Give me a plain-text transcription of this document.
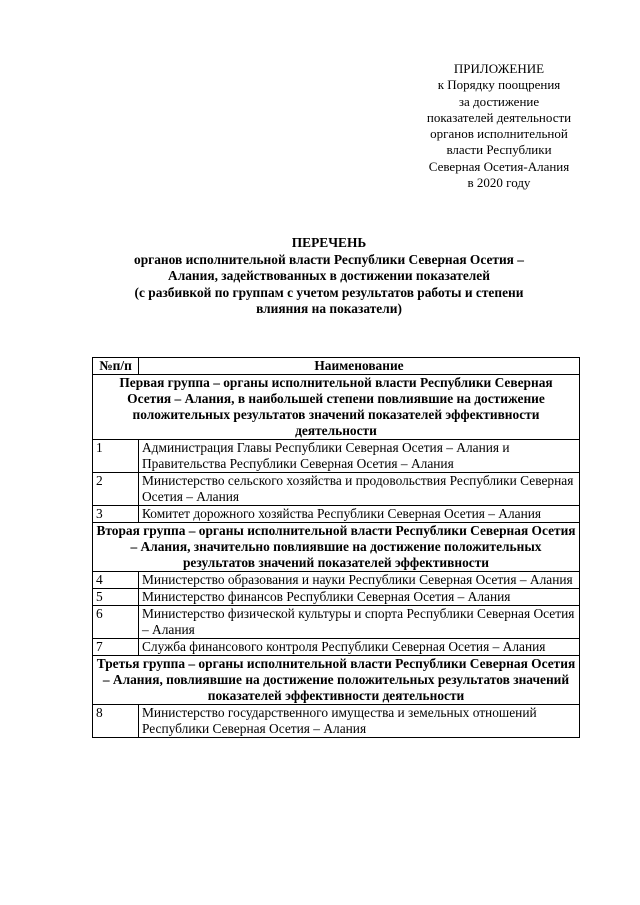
ПРИЛОЖЕНИЕ
к Порядку поощрения
за достижение
показателей деятельности
органов исполнительной
власти Республики
Северная Осетия-Алания
в 2020 году
ПЕРЕЧЕНЬ
органов исполнительной власти Республики Северная Осетия –
Алания, задействованных в достижении показателей
(с разбивкой по группам с учетом результатов работы и степени
влияния на показатели)
№п/п	Наименование
Первая группа – органы исполнительной власти Республики Северная Осетия – Алания, в наибольшей степени повлиявшие на достижение положительных результатов значений показателей эффективности деятельности	
1	Администрация Главы Республики Северная Осетия – Алания и Правительства Республики Северная Осетия – Алания
2	Министерство сельского хозяйства и продовольствия Республики Северная Осетия – Алания
3	Комитет дорожного хозяйства Республики Северная Осетия – Алания
Вторая группа – органы исполнительной власти Республики Северная Осетия – Алания, значительно повлиявшие на достижение положительных результатов значений показателей эффективности	
4	Министерство образования и науки Республики Северная Осетия – Алания
5	Министерство финансов Республики Северная Осетия – Алания
6	Министерство физической культуры и спорта Республики Северная Осетия – Алания
7	Служба финансового контроля Республики Северная Осетия – Алания
Третья группа – органы исполнительной власти Республики Северная Осетия – Алания, повлиявшие на достижение положительных результатов значений показателей эффективности деятельности	
8	Министерство государственного имущества и земельных отношений Республики Северная Осетия – Алания
